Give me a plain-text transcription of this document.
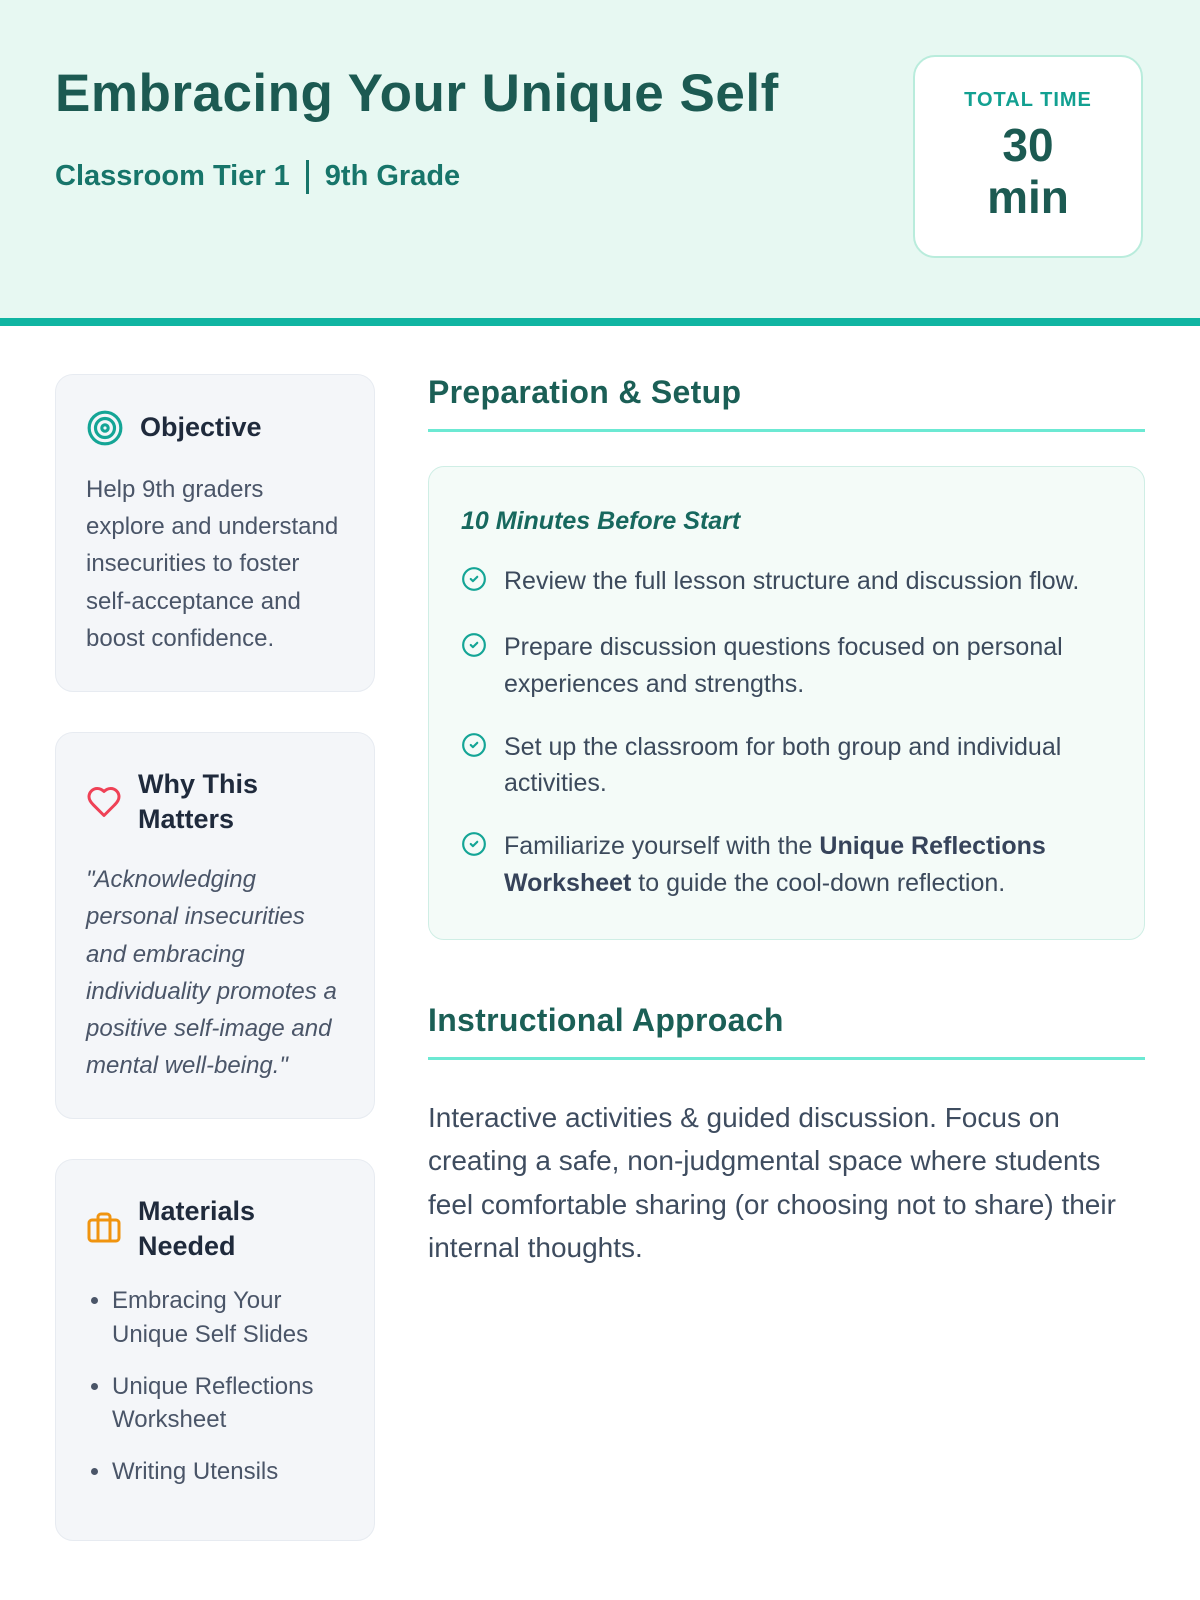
Embracing Your Unique Self
Classroom Tier 1 9th Grade
TOTAL TIME
30 min
Objective

Help 9th graders explore and understand insecurities to foster self-acceptance and boost confidence.

Why This Matters

"Acknowledging personal insecurities and embracing individuality promotes a positive self-image and mental well-being."

Materials Needed
• Embracing Your Unique Self Slides
• Unique Reflections Worksheet
• Writing Utensils
Preparation & Setup

10 Minutes Before Start

Review the full lesson structure and discussion flow.
Prepare discussion questions focused on personal experiences and strengths.
Set up the classroom for both group and individual activities.
Familiarize yourself with the Unique Reflections Worksheet to guide the cool-down reflection.
Instructional Approach

Interactive activities & guided discussion. Focus on creating a safe, non-judgmental space where students feel comfortable sharing (or choosing not to share) their internal thoughts.
